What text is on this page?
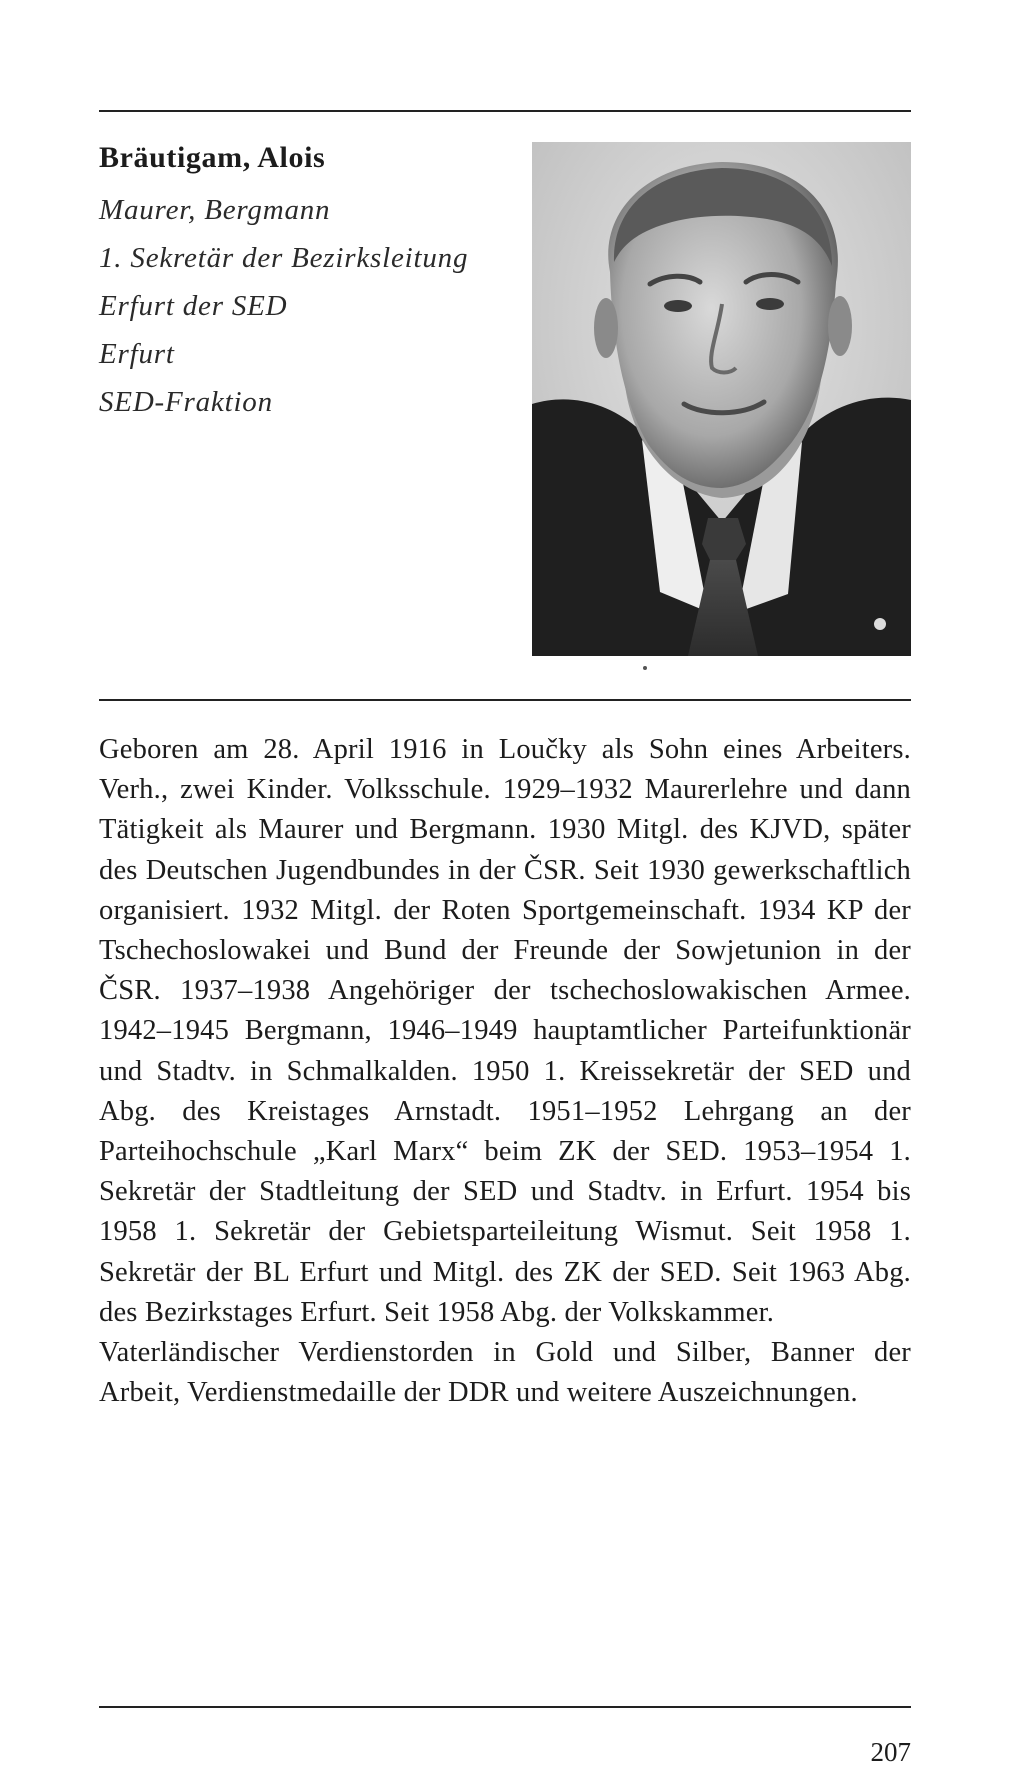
Bräutigam, Alois
Maurer, Bergmann
1. Sekretär der Bezirksleitung
Erfurt der SED
Erfurt
SED-Fraktion

Geboren am 28. April 1916 in Loučky als Sohn eines Arbeiters. Verh., zwei Kinder. Volksschule. 1929–1932 Maurerlehre und dann Tätigkeit als Maurer und Bergmann. 1930 Mitgl. des KJVD, später des Deutschen Jugendbundes in der ČSR. Seit 1930 gewerkschaftlich organisiert. 1932 Mitgl. der Roten Sportgemeinschaft. 1934 KP der Tschechoslowakei und Bund der Freunde der Sowjetunion in der ČSR. 1937–1938 Angehöriger der tschechoslowakischen Armee. 1942–1945 Bergmann, 1946–1949 hauptamtlicher Parteifunktionär und Stadtv. in Schmalkalden. 1950 1. Kreissekretär der SED und Abg. des Kreistages Arnstadt. 1951–1952 Lehrgang an der Parteihochschule „Karl Marx“ beim ZK der SED. 1953–1954 1. Sekretär der Stadtleitung der SED und Stadtv. in Erfurt. 1954 bis 1958 1. Sekretär der Gebietsparteileitung Wismut. Seit 1958 1. Sekretär der BL Erfurt und Mitgl. des ZK der SED. Seit 1963 Abg. des Bezirkstages Erfurt. Seit 1958 Abg. der Volkskammer.

Vaterländischer Verdienstorden in Gold und Silber, Banner der Arbeit, Verdienstmedaille der DDR und weitere Auszeichnungen.

207
